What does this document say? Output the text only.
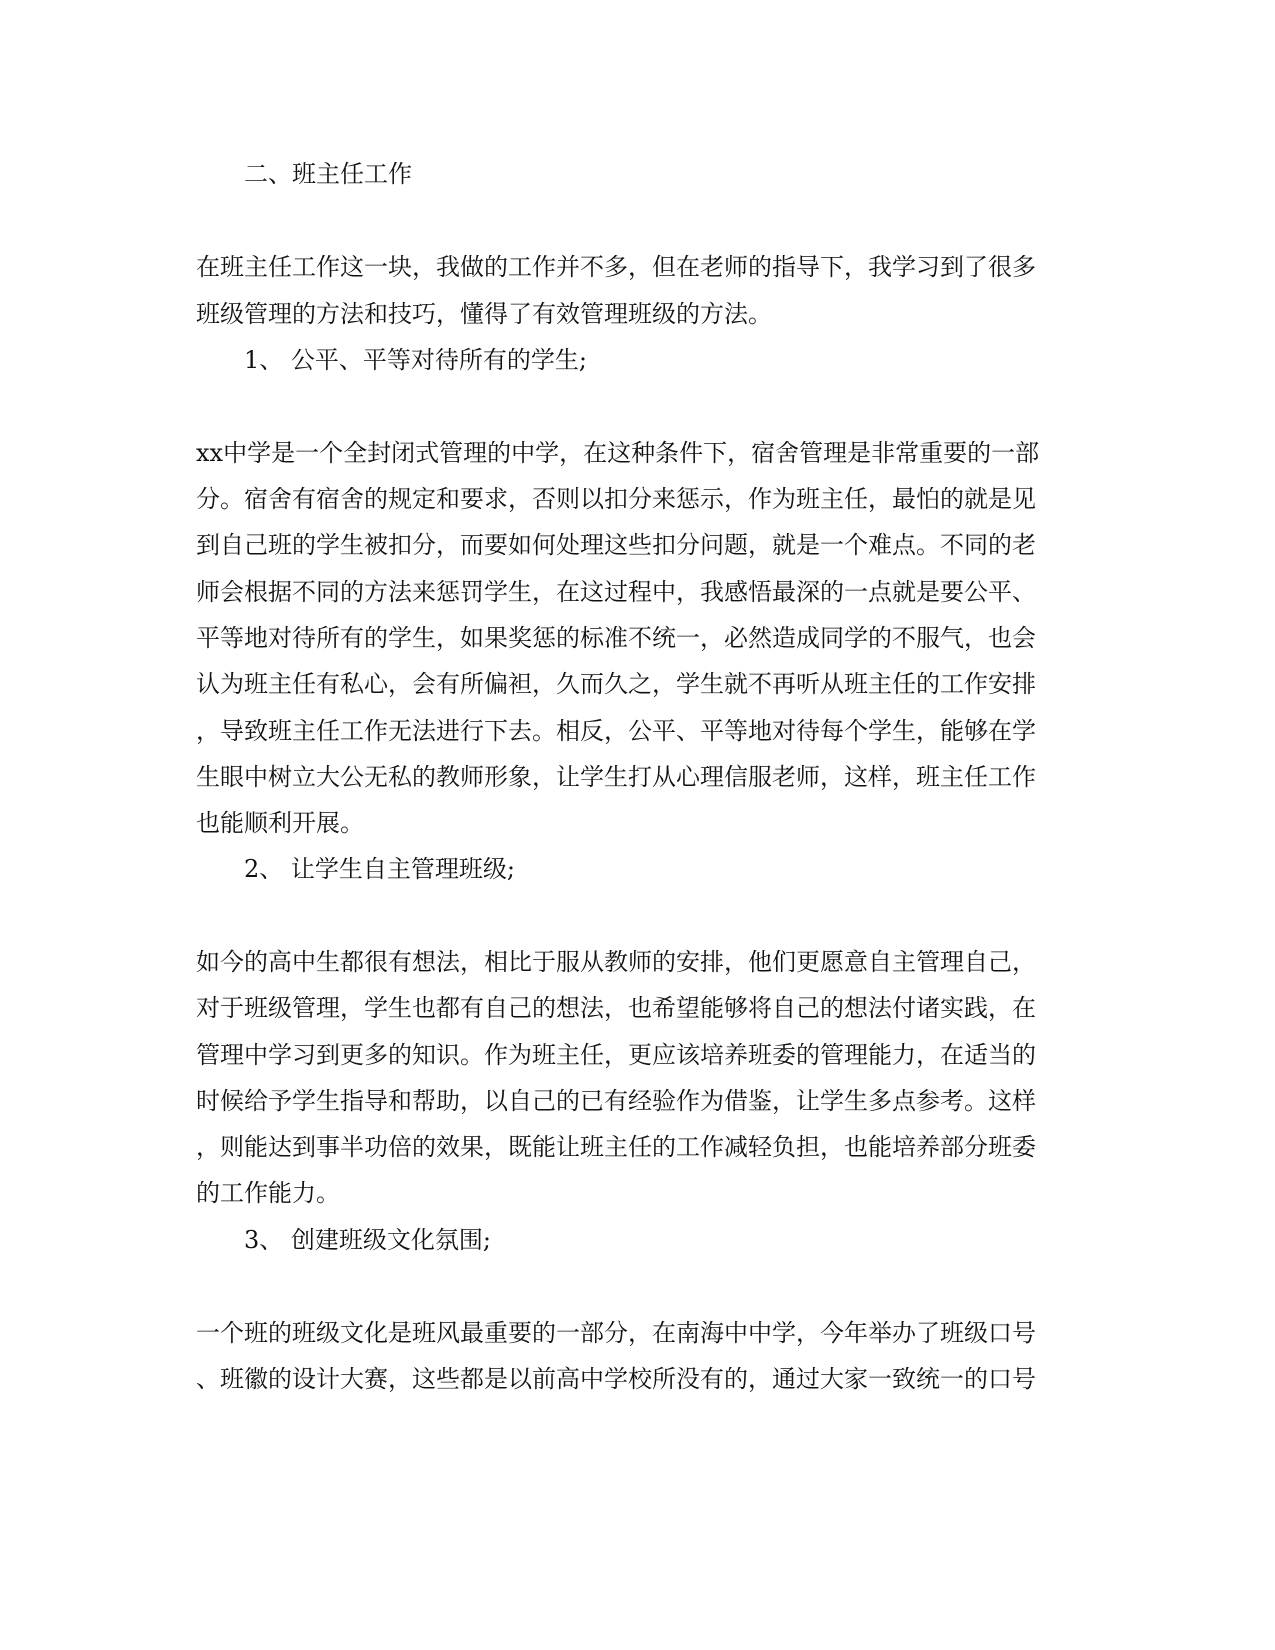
二、班主任工作
在班主任工作这一块，我做的工作并不多，但在老师的指导下，我学习到了很多
班级管理的方法和技巧，懂得了有效管理班级的方法。
1、 公平、平等对待所有的学生;
xx中学是一个全封闭式管理的中学，在这种条件下，宿舍管理是非常重要的一部
分。宿舍有宿舍的规定和要求，否则以扣分来惩示，作为班主任，最怕的就是见
到自己班的学生被扣分，而要如何处理这些扣分问题，就是一个难点。不同的老
师会根据不同的方法来惩罚学生，在这过程中，我感悟最深的一点就是要公平、
平等地对待所有的学生，如果奖惩的标准不统一，必然造成同学的不服气，也会
认为班主任有私心，会有所偏袒，久而久之，学生就不再听从班主任的工作安排
，导致班主任工作无法进行下去。相反，公平、平等地对待每个学生，能够在学
生眼中树立大公无私的教师形象，让学生打从心理信服老师，这样，班主任工作
也能顺利开展。
2、 让学生自主管理班级;
如今的高中生都很有想法，相比于服从教师的安排，他们更愿意自主管理自己，
对于班级管理，学生也都有自己的想法，也希望能够将自己的想法付诸实践，在
管理中学习到更多的知识。作为班主任，更应该培养班委的管理能力，在适当的
时候给予学生指导和帮助，以自己的已有经验作为借鉴，让学生多点参考。这样
，则能达到事半功倍的效果，既能让班主任的工作减轻负担，也能培养部分班委
的工作能力。
3、 创建班级文化氛围;
一个班的班级文化是班风最重要的一部分，在南海中中学，今年举办了班级口号
、班徽的设计大赛，这些都是以前高中学校所没有的，通过大家一致统一的口号
